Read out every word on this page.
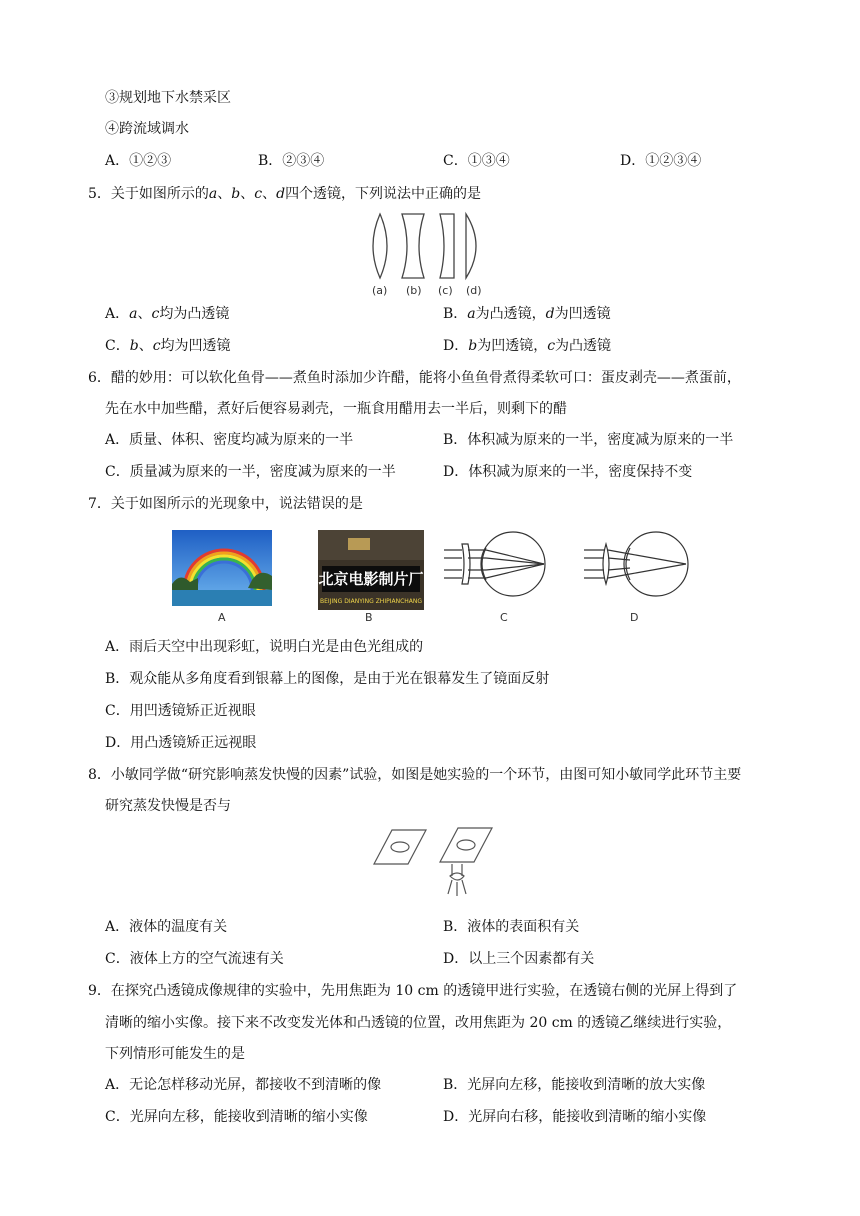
③规划地下水禁采区
④跨流域调水
A．①②③	B．②③④	C．①③④	D．①②③④
5．关于如图所示的a、b、c、d四个透镜，下列说法中正确的是
(a) (b) (c) (d)
A．a、c均为凸透镜	B．a为凸透镜，d为凹透镜
C．b、c均为凹透镜	D．b为凹透镜，c为凸透镜
6．醋的妙用：可以软化鱼骨——煮鱼时添加少许醋，能将小鱼鱼骨煮得柔软可口：蛋皮剥壳——煮蛋前，
先在水中加些醋，煮好后便容易剥壳，一瓶食用醋用去一半后，则剩下的醋
A．质量、体积、密度均减为原来的一半	B．体积减为原来的一半，密度减为原来的一半
C．质量减为原来的一半，密度减为原来的一半	D．体积减为原来的一半，密度保持不变
7．关于如图所示的光现象中，说法错误的是
A
北京电影制片厂
BEIJING DIANYING ZHIPIANCHANG
B	C	D
A．雨后天空中出现彩虹，说明白光是由色光组成的
B．观众能从多角度看到银幕上的图像，是由于光在银幕发生了镜面反射
C．用凹透镜矫正近视眼
D．用凸透镜矫正远视眼
8．小敏同学做“研究影响蒸发快慢的因素”试验，如图是她实验的一个环节，由图可知小敏同学此环节主要
研究蒸发快慢是否与
A．液体的温度有关	B．液体的表面积有关
C．液体上方的空气流速有关	D．以上三个因素都有关
9．在探究凸透镜成像规律的实验中，先用焦距为 10 cm 的透镜甲进行实验，在透镜右侧的光屏上得到了
清晰的缩小实像。接下来不改变发光体和凸透镜的位置，改用焦距为 20 cm 的透镜乙继续进行实验，
下列情形可能发生的是
A．无论怎样移动光屏，都接收不到清晰的像	B．光屏向左移，能接收到清晰的放大实像
C．光屏向左移，能接收到清晰的缩小实像	D．光屏向右移，能接收到清晰的缩小实像
